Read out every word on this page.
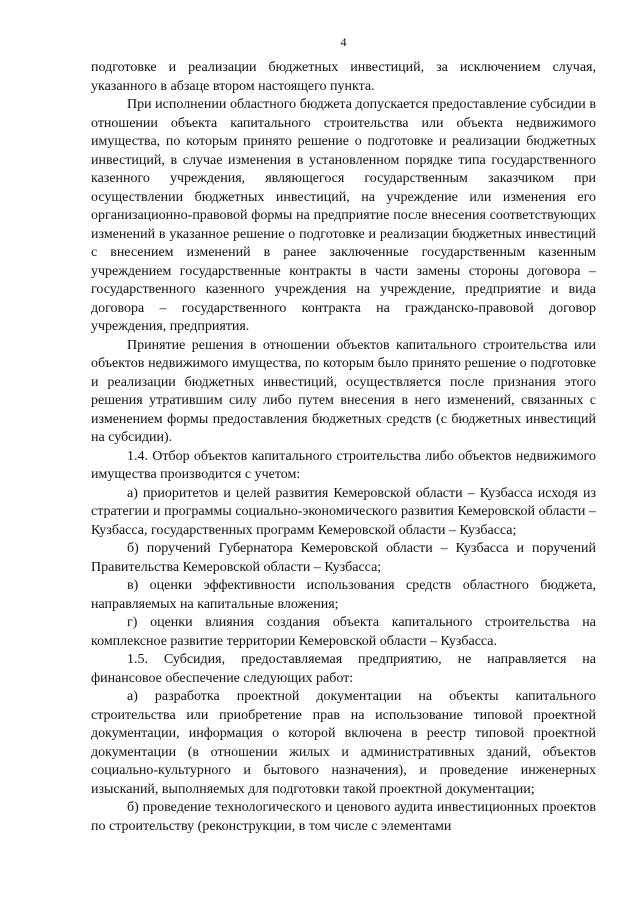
4

подготовке и реализации бюджетных инвестиций, за исключением случая, указанного в абзаце втором настоящего пункта.

При исполнении областного бюджета допускается предоставление субсидии в отношении объекта капитального строительства или объекта недвижимого имущества, по которым принято решение о подготовке и реализации бюджетных инвестиций, в случае изменения в установленном порядке типа государственного казенного учреждения, являющегося государственным заказчиком при осуществлении бюджетных инвестиций, на учреждение или изменения его организационно-правовой формы на предприятие после внесения соответствующих изменений в указанное решение о подготовке и реализации бюджетных инвестиций с внесением изменений в ранее заключенные государственным казенным учреждением государственные контракты в части замены стороны договора – государственного казенного учреждения на учреждение, предприятие и вида договора – государственного контракта на гражданско-правовой договор учреждения, предприятия.

Принятие решения в отношении объектов капитального строительства или объектов недвижимого имущества, по которым было принято решение о подготовке и реализации бюджетных инвестиций, осуществляется после признания этого решения утратившим силу либо путем внесения в него изменений, связанных с изменением формы предоставления бюджетных средств (с бюджетных инвестиций на субсидии).

1.4. Отбор объектов капитального строительства либо объектов недвижимого имущества производится с учетом:

а) приоритетов и целей развития Кемеровской области – Кузбасса исходя из стратегии и программы социально-экономического развития Кемеровской области – Кузбасса, государственных программ Кемеровской области – Кузбасса;

б) поручений Губернатора Кемеровской области – Кузбасса и поручений Правительства Кемеровской области – Кузбасса;

в) оценки эффективности использования средств областного бюджета, направляемых на капитальные вложения;

г) оценки влияния создания объекта капитального строительства на комплексное развитие территории Кемеровской области – Кузбасса.

1.5. Субсидия, предоставляемая предприятию, не направляется на финансовое обеспечение следующих работ:

а) разработка проектной документации на объекты капитального строительства или приобретение прав на использование типовой проектной документации, информация о которой включена в реестр типовой проектной документации (в отношении жилых и административных зданий, объектов социально-культурного и бытового назначения), и проведение инженерных изысканий, выполняемых для подготовки такой проектной документации;

б) проведение технологического и ценового аудита инвестиционных проектов по строительству (реконструкции, в том числе с элементами
